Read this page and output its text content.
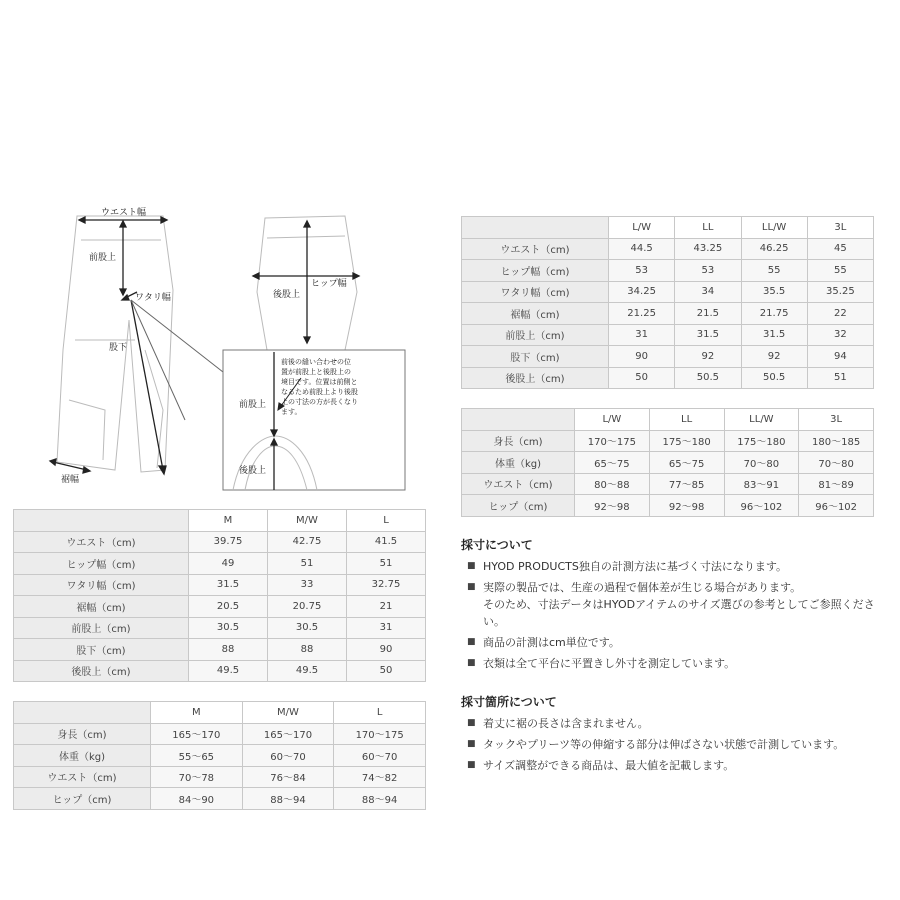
ウエスト幅
前股上
ワタリ幅
股下
裾幅
後股上
ヒップ幅
前股上
後股上
前後の縫い合わせの位
置が前股上と後股上の
境目です。位置は前側と
なるため前股上より後股
上の寸法の方が長くなり
ます。
	L/W	LL	LL/W	3L
ウエスト（cm)	44.5	43.25	46.25	45
ヒップ幅（cm)	53	53	55	55
ワタリ幅（cm)	34.25	34	35.5	35.25
裾幅（cm)	21.25	21.5	21.75	22
前股上（cm)	31	31.5	31.5	32
股下（cm)	90	92	92	94
後股上（cm)	50	50.5	50.5	51
	L/W	LL	LL/W	3L
身長（cm)	170〜175	175〜180	175〜180	180〜185
体重（kg)	65〜75	65〜75	70〜80	70〜80
ウエスト（cm)	80〜88	77〜85	83〜91	81〜89
ヒップ（cm)	92〜98	92〜98	96〜102	96〜102
	M	M/W	L
ウエスト（cm)	39.75	42.75	41.5
ヒップ幅（cm)	49	51	51
ワタリ幅（cm)	31.5	33	32.75
裾幅（cm)	20.5	20.75	21
前股上（cm)	30.5	30.5	31
股下（cm)	88	88	90
後股上（cm)	49.5	49.5	50
	M	M/W	L
身長（cm)	165〜170	165〜170	170〜175
体重（kg)	55〜65	60〜70	60〜70
ウエスト（cm)	70〜78	76〜84	74〜82
ヒップ（cm)	84〜90	88〜94	88〜94
採寸について
■ HYOD PRODUCTS独自の計測方法に基づく寸法になります。
■ 実際の製品では、生産の過程で個体差が生じる場合があります。
そのため、寸法データはHYODアイテムのサイズ選びの参考としてご参照ください。
■ 商品の計測はcm単位です。
■ 衣類は全て平台に平置きし外寸を測定しています。
採寸箇所について
■ 着丈に裾の長さは含まれません。
■ タックやプリーツ等の伸縮する部分は伸ばさない状態で計測しています。
■ サイズ調整ができる商品は、最大値を記載します。
